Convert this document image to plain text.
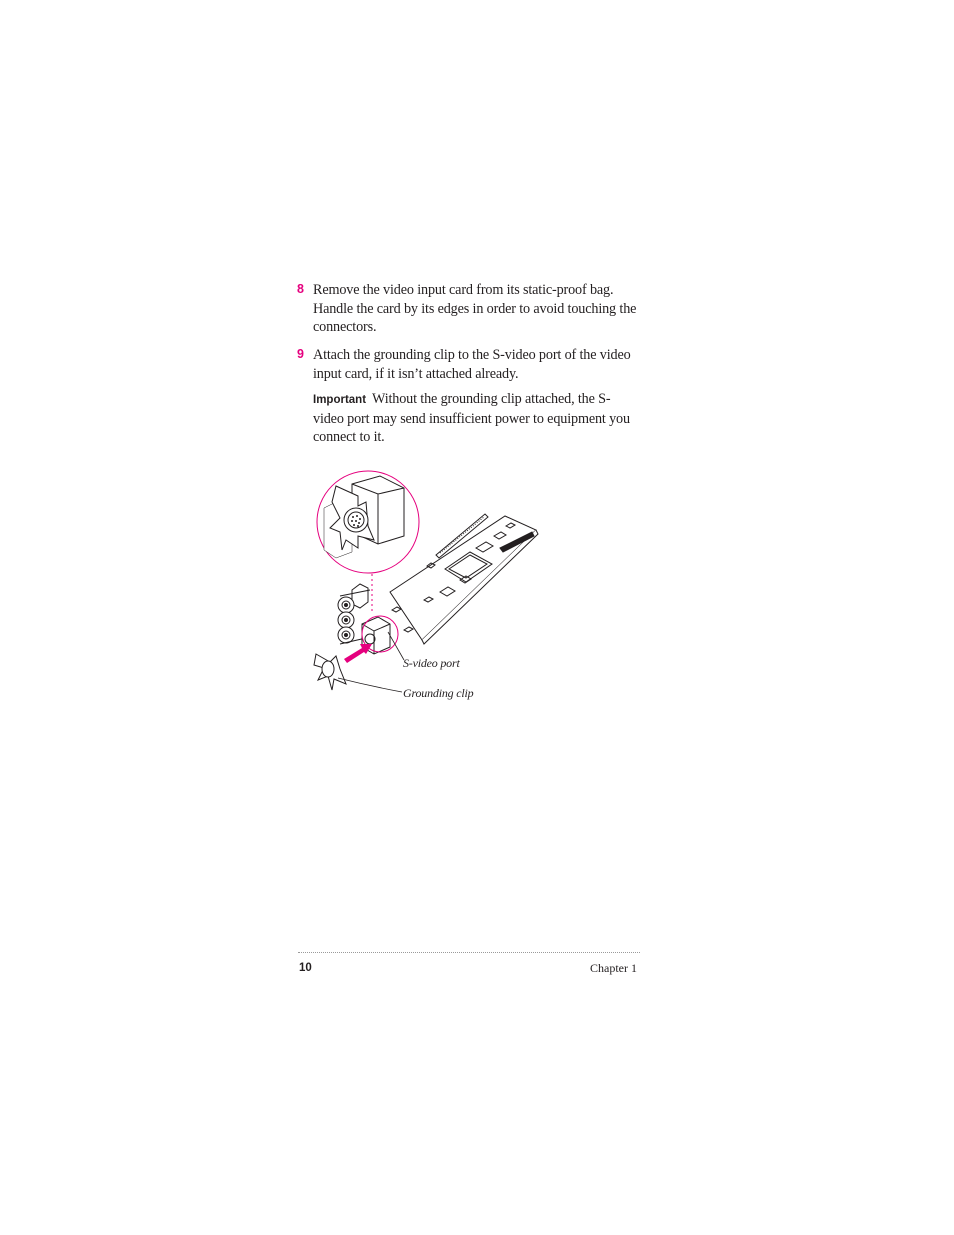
8 Remove the video input card from its static-proof bag. Handle the card by its edges in order to avoid touching the connectors.
9 Attach the grounding clip to the S-video port of the video input card, if it isn’t attached already.
Important Without the grounding clip attached, the S-video port may send insufficient power to equipment you connect to it.
S-video port
Grounding clip
10	Chapter 1
